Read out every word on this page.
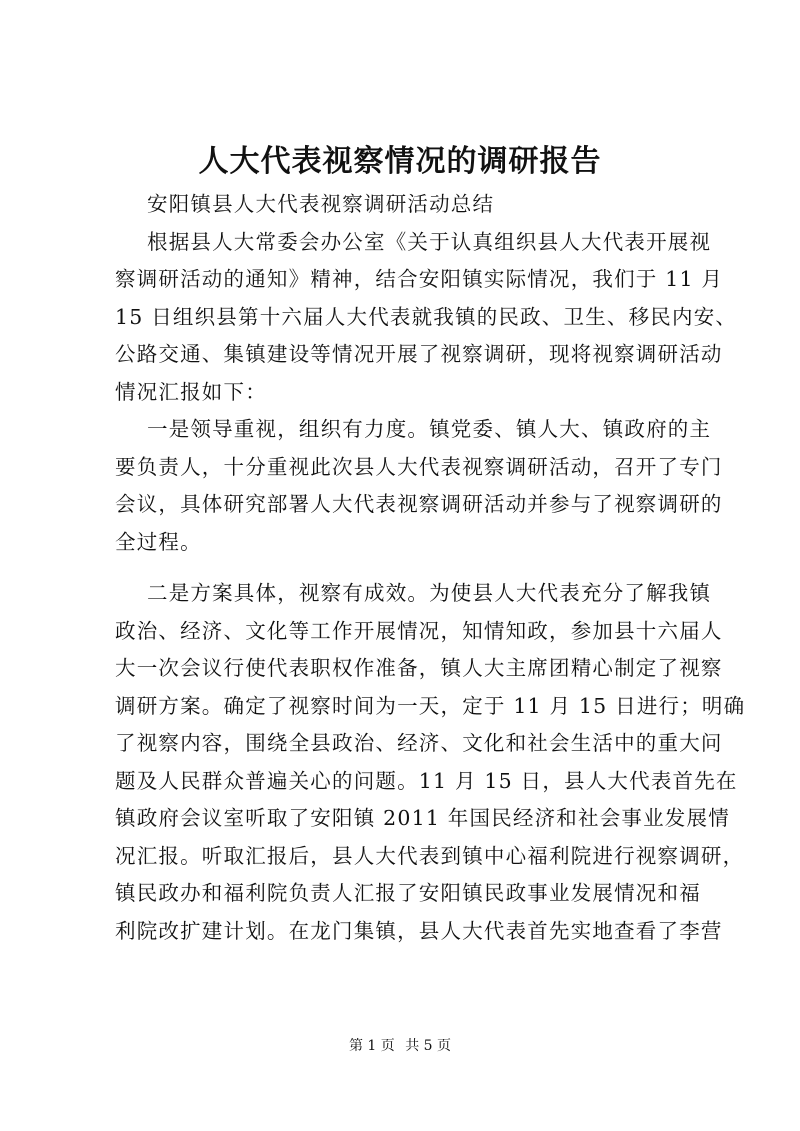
人大代表视察情况的调研报告
安阳镇县人大代表视察调研活动总结
根据县人大常委会办公室《关于认真组织县人大代表开展视
察调研活动的通知》精神，结合安阳镇实际情况，我们于 11 月
15 日组织县第十六届人大代表就我镇的民政、卫生、移民内安、
公路交通、集镇建设等情况开展了视察调研，现将视察调研活动
情况汇报如下：
一是领导重视，组织有力度。镇党委、镇人大、镇政府的主
要负责人，十分重视此次县人大代表视察调研活动，召开了专门
会议，具体研究部署人大代表视察调研活动并参与了视察调研的
全过程。
二是方案具体，视察有成效。为使县人大代表充分了解我镇
政治、经济、文化等工作开展情况，知情知政，参加县十六届人
大一次会议行使代表职权作准备，镇人大主席团精心制定了视察
调研方案。确定了视察时间为一天，定于 11 月 15 日进行；明确
了视察内容，围绕全县政治、经济、文化和社会生活中的重大问
题及人民群众普遍关心的问题。11 月 15 日，县人大代表首先在
镇政府会议室听取了安阳镇 2011 年国民经济和社会事业发展情
况汇报。听取汇报后，县人大代表到镇中心福利院进行视察调研，
镇民政办和福利院负责人汇报了安阳镇民政事业发展情况和福
利院改扩建计划。在龙门集镇，县人大代表首先实地查看了李营
第 1 页 共 5 页
